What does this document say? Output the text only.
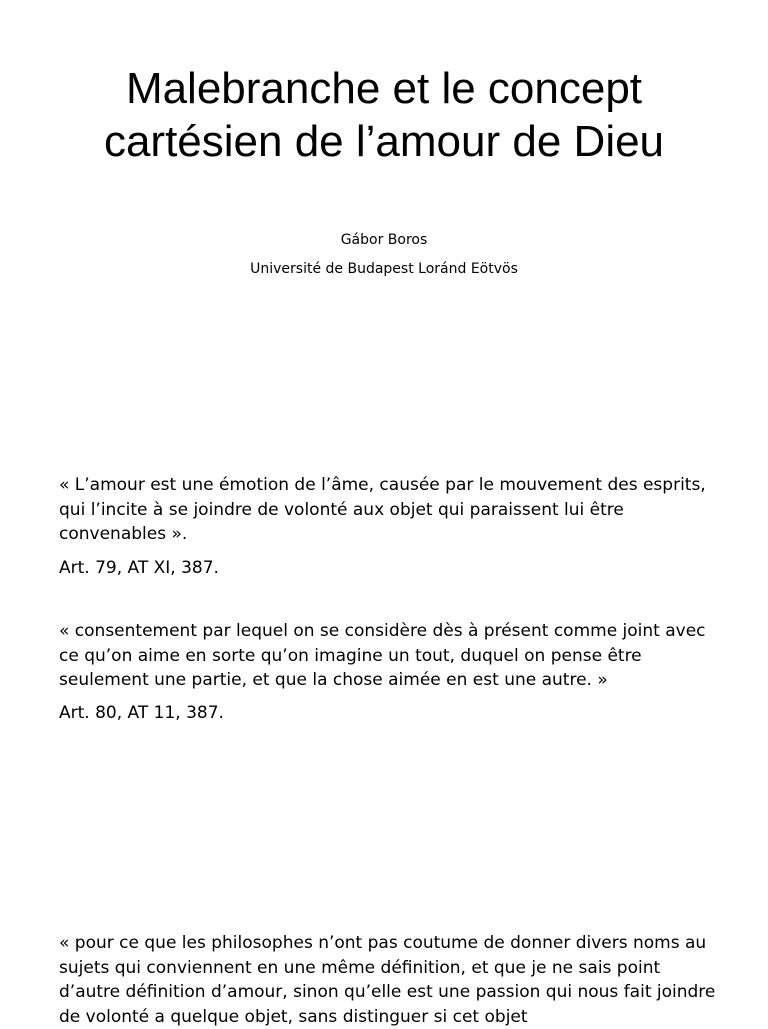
Malebranche et le concept cartésien de l’amour de Dieu
Gábor Boros
Université de Budapest Loránd Eötvös

« L’amour est une émotion de l’âme, causée par le mouvement des esprits, qui l’incite à se joindre de volonté aux objet qui paraissent lui être convenables ».

Art. 79, AT XI, 387.

« consentement par lequel on se considère dès à présent comme joint avec ce qu’on aime en sorte qu’on imagine un tout, duquel on pense être seulement une partie, et que la chose aimée en est une autre. »

Art. 80, AT 11, 387.

« pour ce que les philosophes n’ont pas coutume de donner divers noms au sujets qui conviennent en une même définition, et que je ne sais point d’autre définition d’amour, sinon qu’elle est une passion qui nous fait joindre de volonté a quelque objet, sans distinguer si cet objet
